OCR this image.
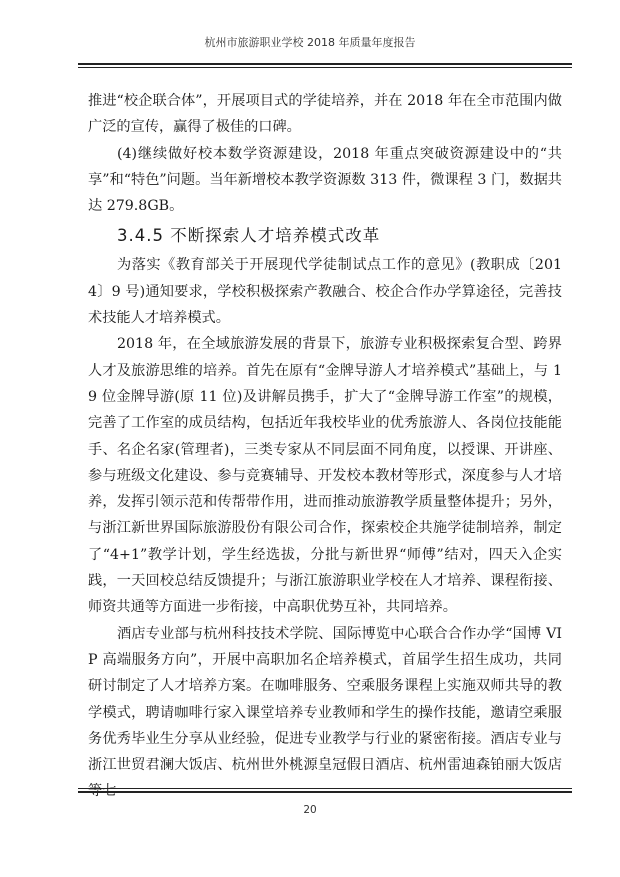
杭州市旅游职业学校 2018 年质量年度报告

推进“校企联合体”，开展项目式的学徒培养，并在 2018 年在全市范围内做广泛的宣传，赢得了极佳的口碑。

(4)继续做好校本数学资源建设，2018 年重点突破资源建设中的“共享”和“特色”问题。当年新增校本教学资源数 313 件，微课程 3 门，数据共达 279.8GB。

3.4.5 不断探索人才培养模式改革

为落实《教育部关于开展现代学徒制试点工作的意见》(教职成〔2014〕9 号)通知要求，学校积极探索产教融合、校企合作办学算途径，完善技术技能人才培养模式。

2018 年，在全域旅游发展的背景下，旅游专业积极探索复合型、跨界人才及旅游思维的培养。首先在原有“金牌导游人才培养模式”基础上，与 19 位金牌导游(原 11 位)及讲解员携手，扩大了“金牌导游工作室”的规模，完善了工作室的成员结构，包括近年我校毕业的优秀旅游人、各岗位技能能手、名企名家(管理者)，三类专家从不同层面不同角度，以授课、开讲座、参与班级文化建设、参与竞赛辅导、开发校本教材等形式，深度参与人才培养，发挥引领示范和传帮带作用，进而推动旅游教学质量整体提升；另外，与浙江新世界国际旅游股份有限公司合作，探索校企共施学徒制培养，制定了“4+1”教学计划，学生经选拔，分批与新世界“师傅”结对，四天入企实践，一天回校总结反馈提升；与浙江旅游职业学校在人才培养、课程衔接、师资共通等方面进一步衔接，中高职优势互补，共同培养。

酒店专业部与杭州科技技术学院、国际博览中心联合合作办学“国博 VIP 高端服务方向”，开展中高职加名企培养模式，首届学生招生成功，共同研讨制定了人才培养方案。在咖啡服务、空乘服务课程上实施双师共导的教学模式，聘请咖啡行家入课堂培养专业教师和学生的操作技能，邀请空乘服务优秀毕业生分享从业经验，促进专业教学与行业的紧密衔接。酒店专业与浙江世贸君澜大饭店、杭州世外桃源皇冠假日酒店、杭州雷迪森铂丽大饭店等七

20
